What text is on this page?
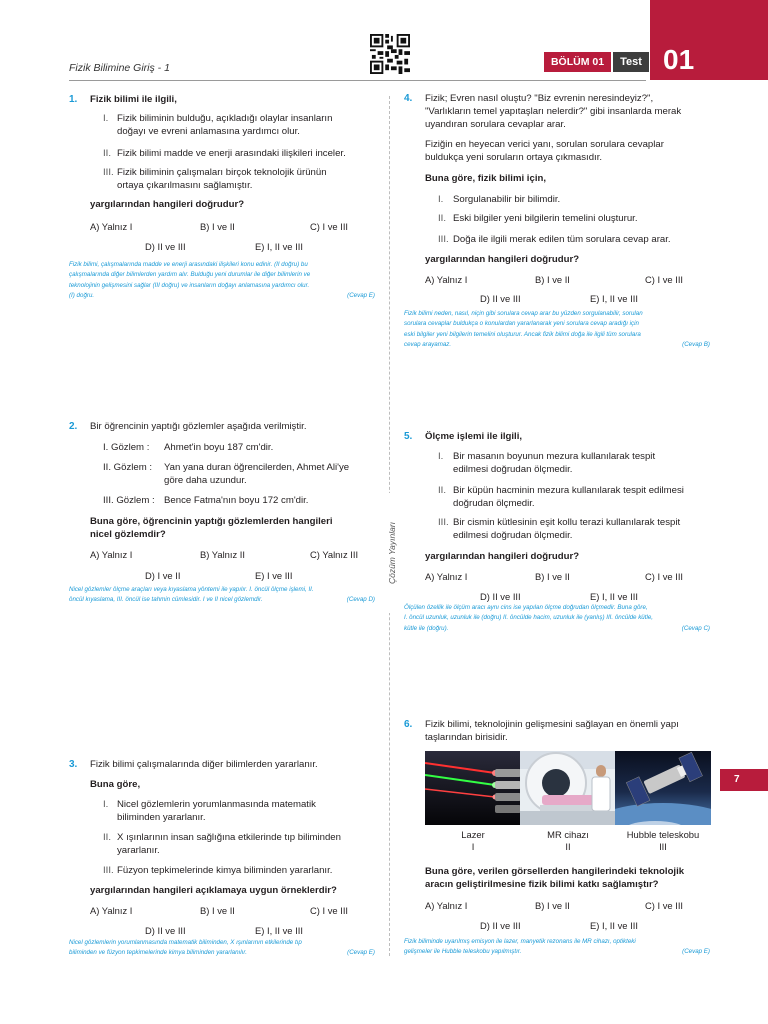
01
Fizik Bilimine Giriş - 1	BÖLÜM 01	Test
7
Çözüm Yayınları
1. Fizik bilimi ile ilgili,
I. Fizik biliminin bulduğu, açıkladığı olaylar insanların
doğayı ve evreni anlamasına yardımcı olur.
II. Fizik bilimi madde ve enerji arasındaki ilişkileri inceler.
III. Fizik biliminin çalışmaları birçok teknolojik ürünün
ortaya çıkarılmasını sağlamıştır.
yargılarından hangileri doğrudur?
A) Yalnız I	B) I ve II	C) I ve III
D) II ve III	E) I, II ve III
Fizik bilimi, çalışmalarında madde ve enerji arasındaki ilişkileri konu edinir. (II doğru) bu
çalışmalarında diğer bilimlerden yardım alır. Bulduğu yeni durumlar ile diğer bilimlerin ve
teknolojinin gelişmesini sağlar (III doğru) ve insanların doğayı anlamasına yardımcı olur.
(I) doğru.	(Cevap E)
2. Bir öğrencinin yaptığı gözlemler aşağıda verilmiştir.
I. Gözlem : Ahmet'in boyu 187 cm'dir.
II. Gözlem : Yan yana duran öğrencilerden, Ahmet Ali'ye
göre daha uzundur.
III. Gözlem : Bence Fatma'nın boyu 172 cm'dir.
Buna göre, öğrencinin yaptığı gözlemlerden hangileri
nicel gözlemdir?
A) Yalnız I	B) Yalnız II	C) Yalnız III
D) I ve II	E) I ve III
Nicel gözlemler ölçme araçları veya kıyaslama yöntemi ile yapılır. I. öncül ölçme işlemi, II.
öncül kıyaslama, III. öncül ise tahmin cümlesidir. I ve II nicel gözlemdir.	(Cevap D)
3. Fizik bilimi çalışmalarında diğer bilimlerden yararlanır.
Buna göre,
I. Nicel gözlemlerin yorumlanmasında matematik
biliminden yararlanır.
II. X ışınlarının insan sağlığına etkilerinde tıp biliminden
yararlanır.
III. Füzyon tepkimelerinde kimya biliminden yararlanır.
yargılarından hangileri açıklamaya uygun örneklerdir?
A) Yalnız I	B) I ve II	C) I ve III
D) II ve III	E) I, II ve III
Nicel gözlemlerin yorumlanmasında matematik biliminden, X ışınlarının etkilerinde tıp
biliminden ve füzyon tepkimelerinde kimya biliminden yararlanılır.	(Cevap E)
4. Fizik; Evren nasıl oluştu? "Biz evrenin neresindeyiz?",
"Varlıkların temel yapıtaşları nelerdir?" gibi insanlarda merak
uyandıran sorulara cevaplar arar.
Fiziğin en heyecan verici yanı, sorulan sorulara cevaplar
buldukça yeni soruların ortaya çıkmasıdır.
Buna göre, fizik bilimi için,
I. Sorgulanabilir bir bilimdir.
II. Eski bilgiler yeni bilgilerin temelini oluşturur.
III. Doğa ile ilgili merak edilen tüm sorulara cevap arar.
yargılarından hangileri doğrudur?
A) Yalnız I	B) I ve II	C) I ve III
D) II ve III	E) I, II ve III
Fizik bilimi neden, nasıl, niçin gibi sorulara cevap arar bu yüzden sorgulanabilir, sorulan
sorulara cevaplar buldukça o konulardan yararlanarak yeni sorulara cevap aradığı için
eski bilgiler yeni bilgilerin temelini oluşturur. Ancak fizik bilimi doğa ile ilgili tüm sorulara
cevap arayamaz.	(Cevap B)
5. Ölçme işlemi ile ilgili,
I. Bir masanın boyunun mezura kullanılarak tespit
edilmesi doğrudan ölçmedir.
II. Bir küpün hacminin mezura kullanılarak tespit edilmesi
doğrudan ölçmedir.
III. Bir cismin kütlesinin eşit kollu terazi kullanılarak tespit
edilmesi doğrudan ölçmedir.
yargılarından hangileri doğrudur?
A) Yalnız I	B) I ve II	C) I ve III
D) II ve III	E) I, II ve III
Ölçülen özellik ile ölçüm aracı aynı cins ise yapılan ölçme doğrudan ölçmedir. Buna göre,
I. öncül uzunluk, uzunluk ile (doğru) II. öncülde hacim, uzunluk ile (yanlış) III. öncülde kütle,
kütle ile (doğru).	(Cevap C)
6. Fizik bilimi, teknolojinin gelişmesini sağlayan en önemli yapı
taşlarından birisidir.
Lazer
I
MR cihazı
II
Hubble teleskobu
III
Buna göre, verilen görsellerden hangilerindeki teknolojik
aracın geliştirilmesine fizik bilimi katkı sağlamıştır?
A) Yalnız I	B) I ve II	C) I ve III
D) II ve III	E) I, II ve III
Fizik biliminde uyarılmış emisyon ile lazer, manyetik rezonans ile MR cihazı, optikteki
gelişmeler ile Hubble teleskobu yapılmıştır.	(Cevap E)
